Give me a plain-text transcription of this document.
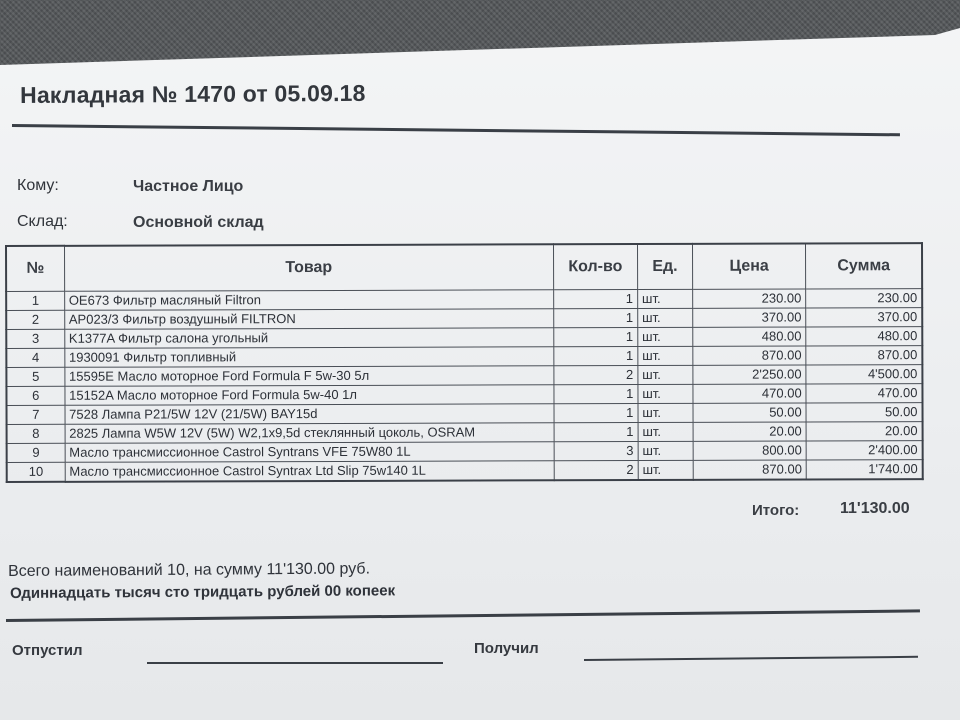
Накладная № 1470 от 05.09.18
Кому:	Частное Лицо
Склад:	Основной склад
№	Товар	Кол-во	Ед.	Цена	Сумма
1	OE673 Фильтр масляный Filtron	1	шт.	230.00	230.00
2	AP023/3 Фильтр воздушный FILTRON	1	шт.	370.00	370.00
3	K1377A Фильтр салона угольный	1	шт.	480.00	480.00
4	1930091 Фильтр топливный	1	шт.	870.00	870.00
5	15595E Масло моторное Ford Formula F 5w-30 5л	2	шт.	2'250.00	4'500.00
6	15152A Масло моторное Ford Formula 5w-40 1л	1	шт.	470.00	470.00
7	7528 Лампа P21/5W 12V (21/5W) BAY15d	1	шт.	50.00	50.00
8	2825 Лампа W5W 12V (5W) W2,1x9,5d стеклянный цоколь, OSRAM	1	шт.	20.00	20.00
9	Масло трансмиссионное Castrol Syntrans VFE 75W80 1L	3	шт.	800.00	2'400.00
10	Масло трансмиссионное Castrol Syntrax Ltd Slip 75w140 1L	2	шт.	870.00	1'740.00
Итого:	11'130.00
Всего наименований 10, на сумму 11'130.00 руб.
Одиннадцать тысяч сто тридцать рублей 00 копеек
Отпустил	Получил
